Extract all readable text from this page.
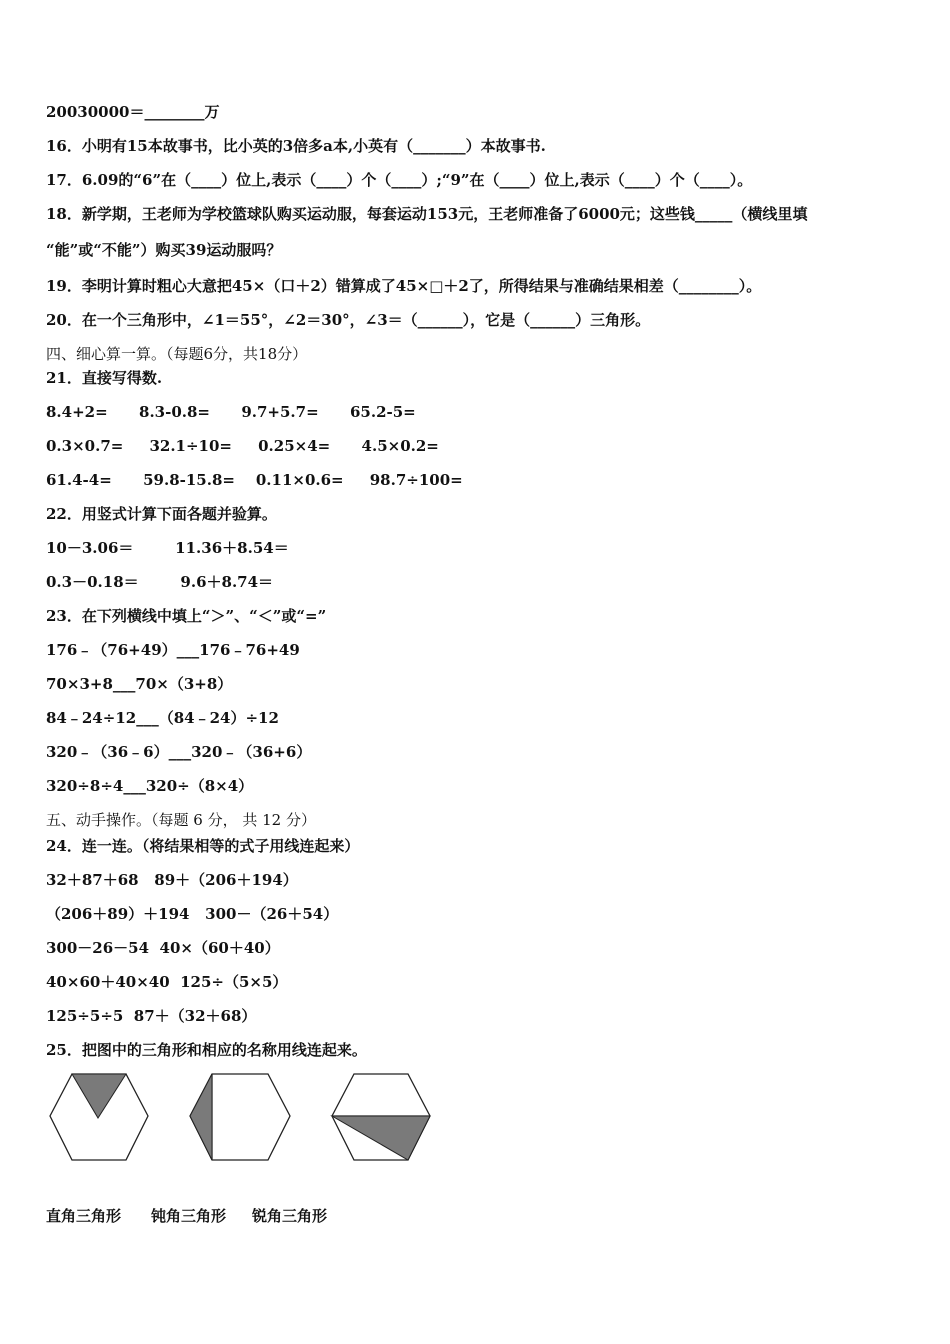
20030000＝________万
16．小明有15本故事书，比小英的3倍多a本,小英有（_______）本故事书.
17．6.09的“6”在（____）位上,表示（____）个（____）;“9”在（____）位上,表示（____）个（____）。
18．新学期，王老师为学校篮球队购买运动服，每套运动153元，王老师准备了6000元；这些钱_____（横线里填
“能”或“不能”）购买39运动服吗？
19．李明计算时粗心大意把45×（口＋2）错算成了45×□＋2了，所得结果与准确结果相差（________）。
20．在一个三角形中，∠1＝55°，∠2＝30°，∠3＝（______），它是（______）三角形。
四、细心算一算。（每题6分，共18分）
21．直接写得数.
8.4+2=      8.3-0.8=      9.7+5.7=      65.2-5=
0.3×0.7=     32.1÷10=     0.25×4=      4.5×0.2=
61.4-4=      59.8-15.8=    0.11×0.6=     98.7÷100=
22．用竖式计算下面各题并验算。
10－3.06＝        11.36＋8.54＝
0.3－0.18＝        9.6＋8.74＝
23．在下列横线中填上“＞”、“＜”或“=”
176﹣（76+49）___176﹣76+49
70×3+8___70×（3+8）
84﹣24÷12___（84﹣24）÷12
320﹣（36﹣6）___320﹣（36+6）
320÷8÷4___320÷（8×4）
五、动手操作。（每题 6 分， 共 12 分）
24．连一连。（将结果相等的式子用线连起来）
32＋87＋68   89＋（206＋194）
（206＋89）＋194   300－（26＋54）
300－26－54  40×（60＋40）
40×60＋40×40  125÷（5×5）
125÷5÷5  87＋（32＋68）
25．把图中的三角形和相应的名称用线连起来。
直角三角形 钝角三角形 锐角三角形
